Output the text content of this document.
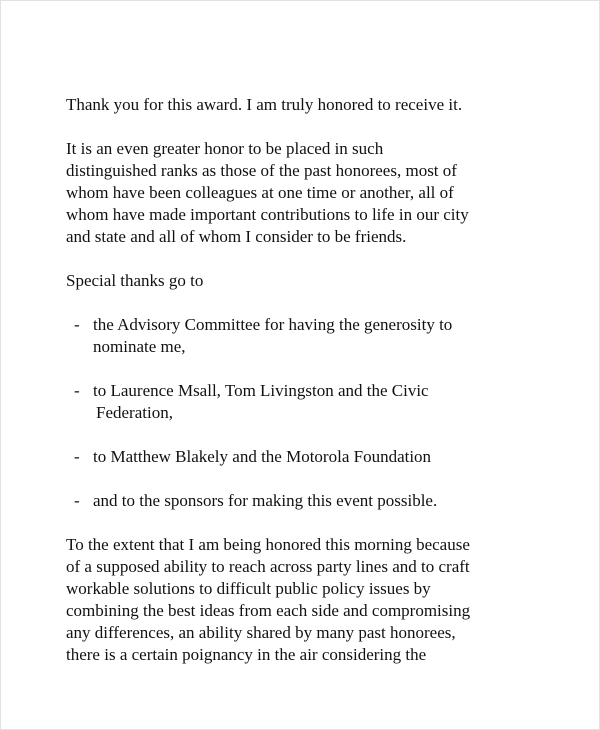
Thank you for this award. I am truly honored to receive it.

It is an even greater honor to be placed in such
distinguished ranks as those of the past honorees, most of
whom have been colleagues at one time or another, all of
whom have made important contributions to life in our city
and state and all of whom I consider to be friends.

Special thanks go to

- the Advisory Committee for having the generosity to
nominate me,
- to Laurence Msall, Tom Livingston and the Civic
Federation,
- to Matthew Blakely and the Motorola Foundation
- and to the sponsors for making this event possible.

To the extent that I am being honored this morning because
of a supposed ability to reach across party lines and to craft
workable solutions to difficult public policy issues by
combining the best ideas from each side and compromising
any differences, an ability shared by many past honorees,
there is a certain poignancy in the air considering the
